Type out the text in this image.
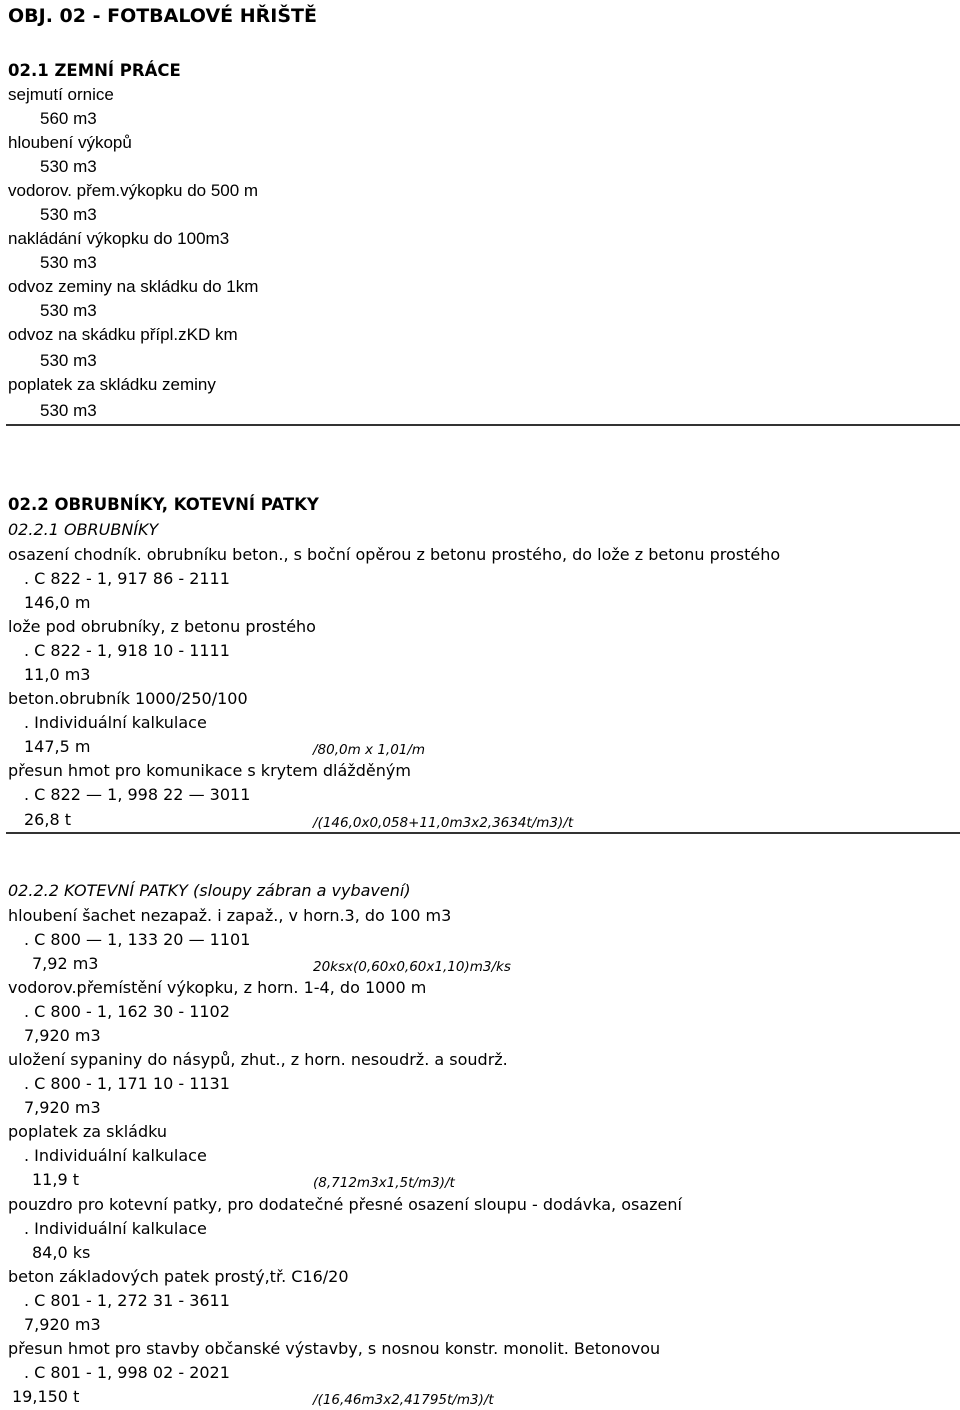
OBJ. 02 - FOTBALOVÉ HŘIŠTĚ
02.1 ZEMNÍ PRÁCE
sejmutí ornice
560 m3
hloubení výkopů
530 m3
vodorov. přem.výkopku do 500 m
530 m3
nakládání výkopku do 100m3
530 m3
odvoz zeminy na skládku do 1km
530 m3
odvoz na skádku přípl.zKD km
530 m3
poplatek za skládku zeminy
530 m3
02.2 OBRUBNÍKY, KOTEVNÍ PATKY
02.2.1 OBRUBNÍKY
osazení chodník. obrubníku beton., s boční opěrou z betonu prostého, do lože z betonu prostého
. C 822 - 1, 917 86 - 2111
146,0 m
lože pod obrubníky, z betonu prostého
. C 822 - 1, 918 10 - 1111
11,0 m3
beton.obrubník 1000/250/100
. Individuální kalkulace
147,5 m	/80,0m x 1,01/m
přesun hmot pro komunikace s krytem dlážděným
. C 822 — 1, 998 22 — 3011
26,8 t	/(146,0x0,058+11,0m3x2,3634t/m3)/t
02.2.2 KOTEVNÍ PATKY (sloupy zábran a vybavení)
hloubení šachet nezapaž. i zapaž., v horn.3, do 100 m3
. C 800 — 1, 133 20 — 1101
7,92 m3	20ksx(0,60x0,60x1,10)m3/ks
vodorov.přemístění výkopku, z horn. 1-4, do 1000 m
. C 800 - 1, 162 30 - 1102
7,920 m3
uložení sypaniny do násypů, zhut., z horn. nesoudrž. a soudrž.
. C 800 - 1, 171 10 - 1131
7,920 m3
poplatek za skládku
. Individuální kalkulace
11,9 t	(8,712m3x1,5t/m3)/t
pouzdro pro kotevní patky, pro dodatečné přesné osazení sloupu - dodávka, osazení
. Individuální kalkulace
84,0 ks
beton základových patek prostý,tř. C16/20
. C 801 - 1, 272 31 - 3611
7,920 m3
přesun hmot pro stavby občanské výstavby, s nosnou konstr. monolit. Betonovou
. C 801 - 1, 998 02 - 2021
19,150 t	/(16,46m3x2,41795t/m3)/t
